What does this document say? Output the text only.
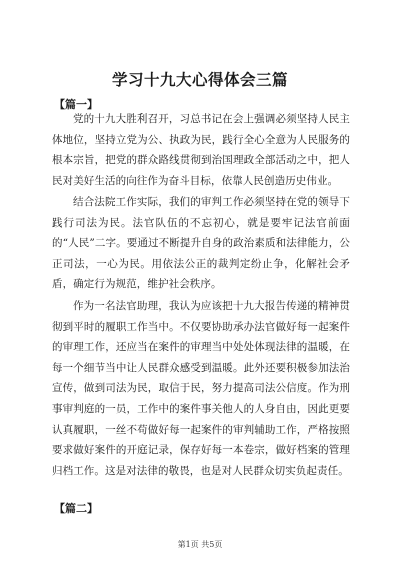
学习十九大心得体会三篇
【篇一】

党的十九大胜利召开，习总书记在会上强调必须坚持人民主体地位，坚持立党为公、执政为民，践行全心全意为人民服务的根本宗旨，把党的群众路线贯彻到治国理政全部活动之中，把人民对美好生活的向往作为奋斗目标，依靠人民创造历史伟业。

结合法院工作实际，我们的审判工作必须坚持在党的领导下践行司法为民。法官队伍的不忘初心，就是要牢记法官前面的“人民”二字。要通过不断提升自身的政治素质和法律能力，公正司法，一心为民。用依法公正的裁判定纷止争，化解社会矛盾，确定行为规范，维护社会秩序。

作为一名法官助理，我认为应该把十九大报告传递的精神贯彻到平时的履职工作当中。不仅要协助承办法官做好每一起案件的审理工作，还应当在案件的审理当中处处体现法律的温暖，在每一个细节当中让人民群众感受到温暖。此外还要积极参加法治宣传，做到司法为民，取信于民，努力提高司法公信度。作为刑事审判庭的一员，工作中的案件事关他人的人身自由，因此更要认真履职，一丝不苟做好每一起案件的审判辅助工作，严格按照要求做好案件的开庭记录，保存好每一本卷宗，做好档案的管理归档工作。这是对法律的敬畏，也是对人民群众切实负起责任。

【篇二】
第1页 共5页
